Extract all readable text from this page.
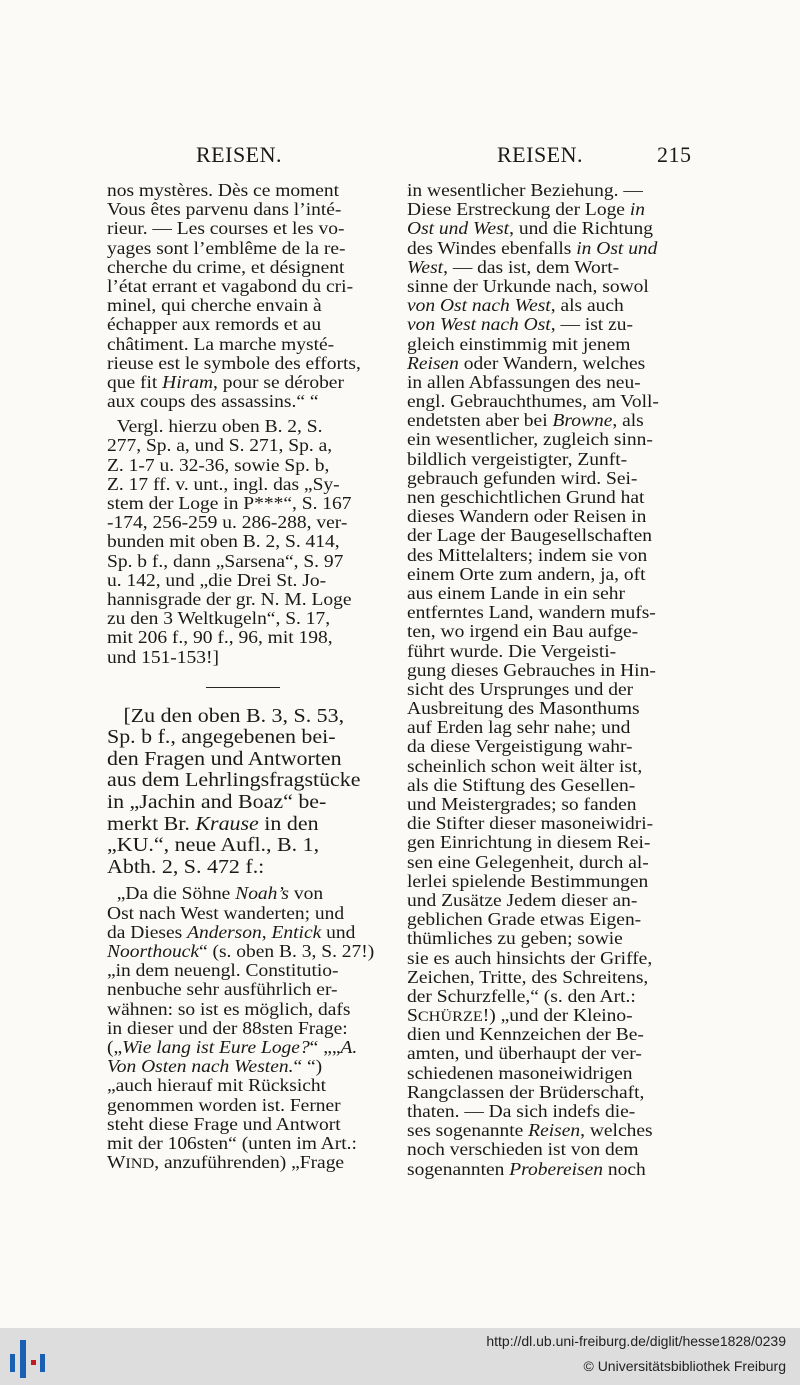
REISEN.	REISEN.	215
nos mystères. Dès ce moment
Vous êtes parvenu dans l’inté-
rieur. — Les courses et les vo-
yages sont l’emblême de la re-
cherche du crime, et désignent
l’état errant et vagabond du cri-
minel, qui cherche envain à
échapper aux remords et au
châtiment. La marche mysté-
rieuse est le symbole des efforts,
que fit Hiram, pour se dérober
aux coups des assassins.“ “
Vergl. hierzu oben B. 2, S.
277, Sp. a, und S. 271, Sp. a,
Z. 1-7 u. 32-36, sowie Sp. b,
Z. 17 ff. v. unt., ingl. das „Sy-
stem der Loge in P***“, S. 167
-174, 256-259 u. 286-288, ver-
bunden mit oben B. 2, S. 414,
Sp. b f., dann „Sarsena“, S. 97
u. 142, und „die Drei St. Jo-
hannisgrade der gr. N. M. Loge
zu den 3 Weltkugeln“, S. 17,
mit 206 f., 90 f., 96, mit 198,
und 151-153!]
[Zu den oben B. 3, S. 53,
Sp. b f., angegebenen bei-
den Fragen und Antworten
aus dem Lehrlingsfragstücke
in „Jachin and Boaz“ be-
merkt Br. Krause in den
„KU.“, neue Aufl., B. 1,
Abth. 2, S. 472 f.:
„Da die Söhne Noah’s von
Ost nach West wanderten; und
da Dieses Anderson, Entick und
Noorthouck“ (s. oben B. 3, S. 27!)
„in dem neuengl. Constitutio-
nenbuche sehr ausführlich er-
wähnen: so ist es möglich, dafs
in dieser und der 88sten Frage:
(„Wie lang ist Eure Loge?“ „„A.
Von Osten nach Westen.“ “)
„auch hierauf mit Rücksicht
genommen worden ist. Ferner
steht diese Frage und Antwort
mit der 106sten“ (unten im Art.:
WIND, anzuführenden) „Frage
in wesentlicher Beziehung. —
Diese Erstreckung der Loge in
Ost und West, und die Richtung
des Windes ebenfalls in Ost und
West, — das ist, dem Wort-
sinne der Urkunde nach, sowol
von Ost nach West, als auch
von West nach Ost, — ist zu-
gleich einstimmig mit jenem
Reisen oder Wandern, welches
in allen Abfassungen des neu-
engl. Gebrauchthumes, am Voll-
endetsten aber bei Browne, als
ein wesentlicher, zugleich sinn-
bildlich vergeistigter, Zunft-
gebrauch gefunden wird. Sei-
nen geschichtlichen Grund hat
dieses Wandern oder Reisen in
der Lage der Baugesellschaften
des Mittelalters; indem sie von
einem Orte zum andern, ja, oft
aus einem Lande in ein sehr
entferntes Land, wandern mufs-
ten, wo irgend ein Bau aufge-
führt wurde. Die Vergeisti-
gung dieses Gebrauches in Hin-
sicht des Ursprunges und der
Ausbreitung des Masonthums
auf Erden lag sehr nahe; und
da diese Vergeistigung wahr-
scheinlich schon weit älter ist,
als die Stiftung des Gesellen-
und Meistergrades; so fanden
die Stifter dieser masoneiwidri-
gen Einrichtung in diesem Rei-
sen eine Gelegenheit, durch al-
lerlei spielende Bestimmungen
und Zusätze Jedem dieser an-
geblichen Grade etwas Eigen-
thümliches zu geben; sowie
sie es auch hinsichts der Griffe,
Zeichen, Tritte, des Schreitens,
der Schurzfelle,“ (s. den Art.:
SCHÜRZE!) „und der Kleino-
dien und Kennzeichen der Be-
amten, und überhaupt der ver-
schiedenen masoneiwidrigen
Rangclassen der Brüderschaft,
thaten. — Da sich indefs die-
ses sogenannte Reisen, welches
noch verschieden ist von dem
sogenannten Probereisen noch
http://dl.ub.uni-freiburg.de/diglit/hesse1828/0239
© Universitätsbibliothek Freiburg
